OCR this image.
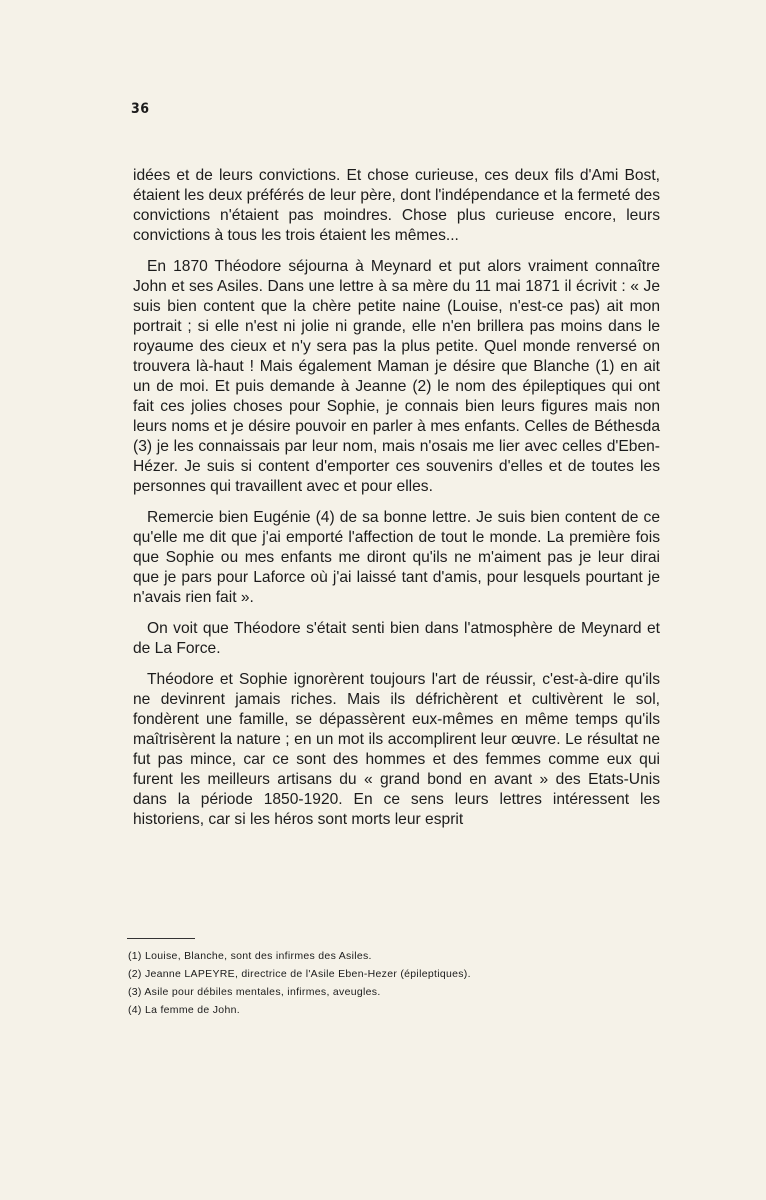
36

idées et de leurs convictions. Et chose curieuse, ces deux fils d'Ami Bost, étaient les deux préférés de leur père, dont l'indépendance et la fermeté des convictions n'étaient pas moindres. Chose plus curieuse encore, leurs convictions à tous les trois étaient les mêmes...

En 1870 Théodore séjourna à Meynard et put alors vraiment connaître John et ses Asiles. Dans une lettre à sa mère du 11 mai 1871 il écrivit : « Je suis bien content que la chère petite naine (Louise, n'est-ce pas) ait mon portrait ; si elle n'est ni jolie ni grande, elle n'en brillera pas moins dans le royaume des cieux et n'y sera pas la plus petite. Quel monde renversé on trouvera là-haut ! Mais également Maman je désire que Blanche (1) en ait un de moi. Et puis demande à Jeanne (2) le nom des épileptiques qui ont fait ces jolies choses pour Sophie, je connais bien leurs figures mais non leurs noms et je désire pouvoir en parler à mes enfants. Celles de Béthesda (3) je les connaissais par leur nom, mais n'osais me lier avec celles d'Eben-Hézer. Je suis si content d'emporter ces souvenirs d'elles et de toutes les personnes qui travaillent avec et pour elles.

Remercie bien Eugénie (4) de sa bonne lettre. Je suis bien content de ce qu'elle me dit que j'ai emporté l'affection de tout le monde. La première fois que Sophie ou mes enfants me diront qu'ils ne m'aiment pas je leur dirai que je pars pour Laforce où j'ai laissé tant d'amis, pour lesquels pourtant je n'avais rien fait ».

On voit que Théodore s'était senti bien dans l'atmosphère de Meynard et de La Force.

Théodore et Sophie ignorèrent toujours l'art de réussir, c'est-à-dire qu'ils ne devinrent jamais riches. Mais ils défrichèrent et cultivèrent le sol, fondèrent une famille, se dépassèrent eux-mêmes en même temps qu'ils maîtrisèrent la nature ; en un mot ils accomplirent leur œuvre. Le résultat ne fut pas mince, car ce sont des hommes et des femmes comme eux qui furent les meilleurs artisans du « grand bond en avant » des Etats-Unis dans la période 1850-1920. En ce sens leurs lettres intéressent les historiens, car si les héros sont morts leur esprit

(1) Louise, Blanche, sont des infirmes des Asiles.
(2) Jeanne LAPEYRE, directrice de l'Asile Eben-Hezer (épileptiques).
(3) Asile pour débiles mentales, infirmes, aveugles.
(4) La femme de John.
